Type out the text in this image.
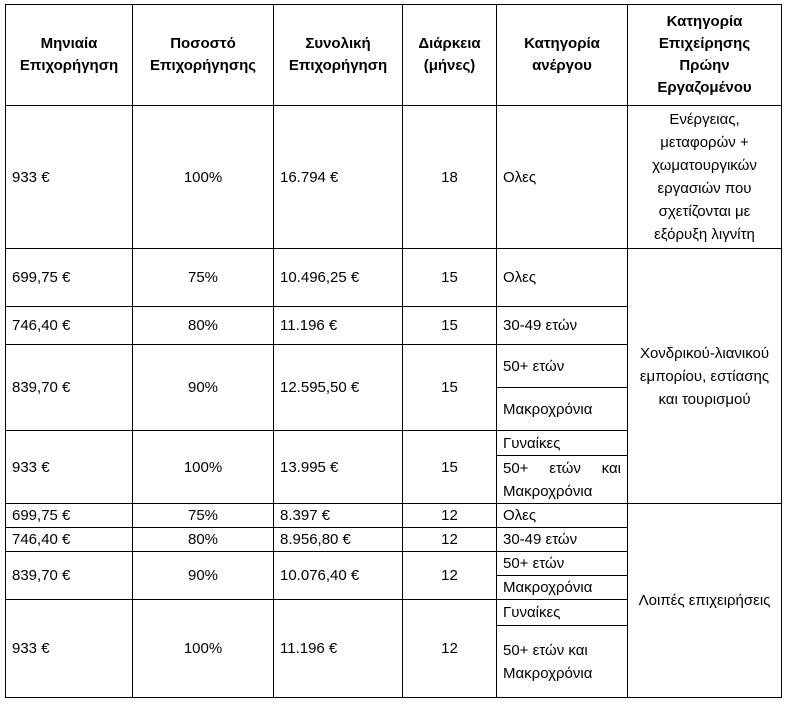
Μηνιαία Επιχορήγηση	Ποσοστό Επιχορήγησης	Συνολική Επιχορήγηση	Διάρκεια (μήνες)	Κατηγορία ανέργου	Κατηγορία Επιχείρησης Πρώην Εργαζομένου
933 €	100%	16.794 €	18	Ολες	Ενέργειας, μεταφορών + χωματουργικών εργασιών που σχετίζονται με εξόρυξη λιγνίτη
699,75 €	75%	10.496,25 €	15	Ολες	Χονδρικού-λιανικού εμπορίου, εστίασης και τουρισμού
746,40 €	80%	11.196 €	15	30-49 ετών	
839,70 €	90%	12.595,50 €	15	50+ ετών	
				Μακροχρόνια	
933 €	100%	13.995 €	15	Γυναίκες	
				50+ ετών και Μακροχρόνια	
699,75 €	75%	8.397 €	12	Ολες	Λοιπές επιχειρήσεις
746,40 €	80%	8.956,80 €	12	30-49 ετών	
839,70 €	90%	10.076,40 €	12	50+ ετών	
				Μακροχρόνια	
933 €	100%	11.196 €	12	Γυναίκες	
				50+ ετών και Μακροχρόνια	
